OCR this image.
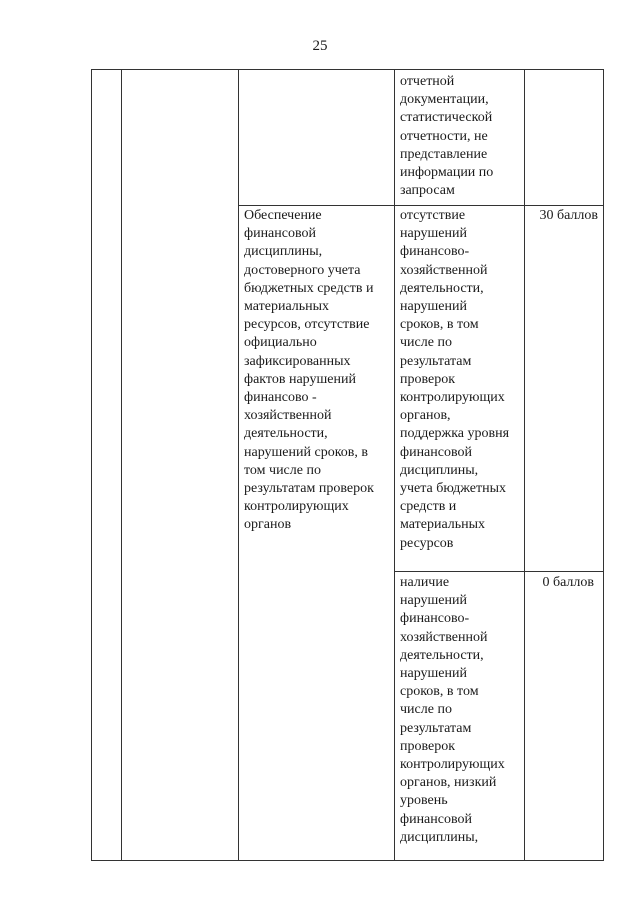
25
отчетной
документации,
статистической
отчетности, не
представление
информации по
запросам
Обеспечение
финансовой
дисциплины,
достоверного учета
бюджетных средств и
материальных
ресурсов, отсутствие
официально
зафиксированных
фактов нарушений
финансово -
хозяйственной
деятельности,
нарушений сроков, в
том числе по
результатам проверок
контролирующих
органов
отсутствие
нарушений
финансово-
хозяйственной
деятельности,
нарушений
сроков, в том
числе по
результатам
проверок
контролирующих
органов,
поддержка уровня
финансовой
дисциплины,
учета бюджетных
средств и
материальных
ресурсов
30 баллов
наличие
нарушений
финансово-
хозяйственной
деятельности,
нарушений
сроков, в том
числе по
результатам
проверок
контролирующих
органов, низкий
уровень
финансовой
дисциплины,
0 баллов
